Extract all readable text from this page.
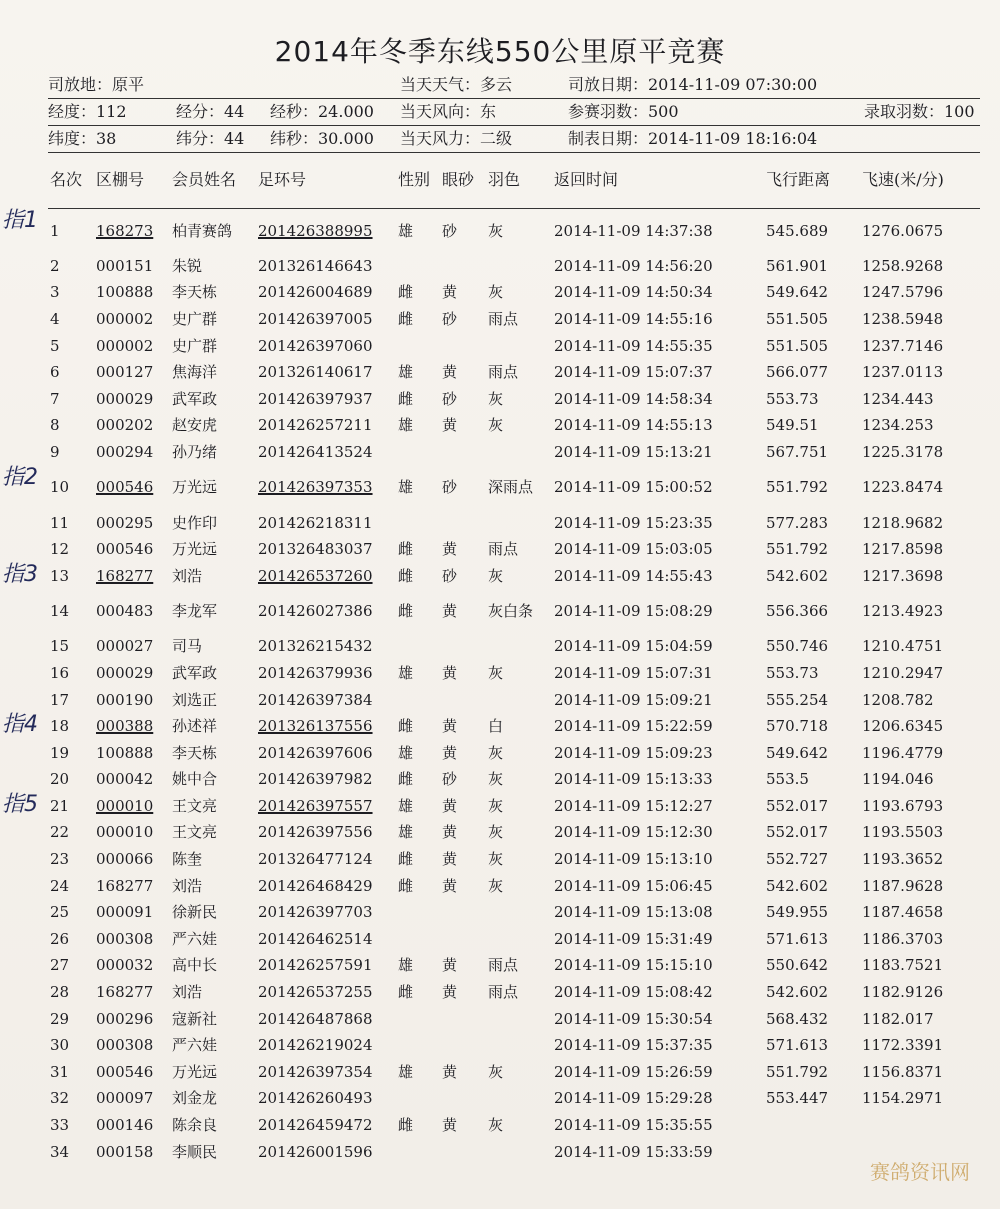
2014年冬季东线550公里原平竞赛
司放地：原平	当天天气：多云	司放日期：2014-11-09 07:30:00
经度：112	经分：44 经秒：24.000 当天风向：东	参赛羽数：500	录取羽数：100
纬度：38	纬分：44 纬秒：30.000 当天风力：二级	制表日期：2014-11-09 18:16:04
名次	区棚号	会员姓名	足环号	性别	眼砂	羽色	返回时间	飞行距离	飞速(米/分)
1	168273	柏青赛鸽	201426388995	雄	砂	灰	2014-11-09 14:37:38	545.689	1276.0675
2	000151	朱锐	201326146643				2014-11-09 14:56:20	561.901	1258.9268
3	100888	李天栋	201426004689	雌	黄	灰	2014-11-09 14:50:34	549.642	1247.5796
4	000002	史广群	201426397005	雌	砂	雨点	2014-11-09 14:55:16	551.505	1238.5948
5	000002	史广群	201426397060				2014-11-09 14:55:35	551.505	1237.7146
6	000127	焦海洋	201326140617	雄	黄	雨点	2014-11-09 15:07:37	566.077	1237.0113
7	000029	武军政	201426397937	雌	砂	灰	2014-11-09 14:58:34	553.73	1234.443
8	000202	赵安虎	201426257211	雄	黄	灰	2014-11-09 14:55:13	549.51	1234.253
9	000294	孙乃绪	201426413524				2014-11-09 15:13:21	567.751	1225.3178
10	000546	万光远	201426397353	雄	砂	深雨点	2014-11-09 15:00:52	551.792	1223.8474
11	000295	史作印	201426218311				2014-11-09 15:23:35	577.283	1218.9682
12	000546	万光远	201326483037	雌	黄	雨点	2014-11-09 15:03:05	551.792	1217.8598
13	168277	刘浩	201426537260	雌	砂	灰	2014-11-09 14:55:43	542.602	1217.3698
14	000483	李龙军	201426027386	雌	黄	灰白条	2014-11-09 15:08:29	556.366	1213.4923
15	000027	司马	201326215432				2014-11-09 15:04:59	550.746	1210.4751
16	000029	武军政	201426379936	雄	黄	灰	2014-11-09 15:07:31	553.73	1210.2947
17	000190	刘选正	201426397384				2014-11-09 15:09:21	555.254	1208.782
18	000388	孙述祥	201326137556	雌	黄	白	2014-11-09 15:22:59	570.718	1206.6345
19	100888	李天栋	201426397606	雄	黄	灰	2014-11-09 15:09:23	549.642	1196.4779
20	000042	姚中合	201426397982	雌	砂	灰	2014-11-09 15:13:33	553.5	1194.046
21	000010	王文亮	201426397557	雄	黄	灰	2014-11-09 15:12:27	552.017	1193.6793
22	000010	王文亮	201426397556	雄	黄	灰	2014-11-09 15:12:30	552.017	1193.5503
23	000066	陈奎	201326477124	雌	黄	灰	2014-11-09 15:13:10	552.727	1193.3652
24	168277	刘浩	201426468429	雌	黄	灰	2014-11-09 15:06:45	542.602	1187.9628
25	000091	徐新民	201426397703				2014-11-09 15:13:08	549.955	1187.4658
26	000308	严六娃	201426462514				2014-11-09 15:31:49	571.613	1186.3703
27	000032	高中长	201426257591	雄	黄	雨点	2014-11-09 15:15:10	550.642	1183.7521
28	168277	刘浩	201426537255	雌	黄	雨点	2014-11-09 15:08:42	542.602	1182.9126
29	000296	寇新社	201426487868				2014-11-09 15:30:54	568.432	1182.017
30	000308	严六娃	201426219024				2014-11-09 15:37:35	571.613	1172.3391
31	000546	万光远	201426397354	雄	黄	灰	2014-11-09 15:26:59	551.792	1156.8371
32	000097	刘金龙	201426260493				2014-11-09 15:29:28	553.447	1154.2971
33	000146	陈余良	201426459472	雌	黄	灰	2014-11-09 15:35:55		
34	000158	李顺民	201426001596				2014-11-09 15:33:59		
指1
指2
指3
指4
指5
赛鸽资讯网
